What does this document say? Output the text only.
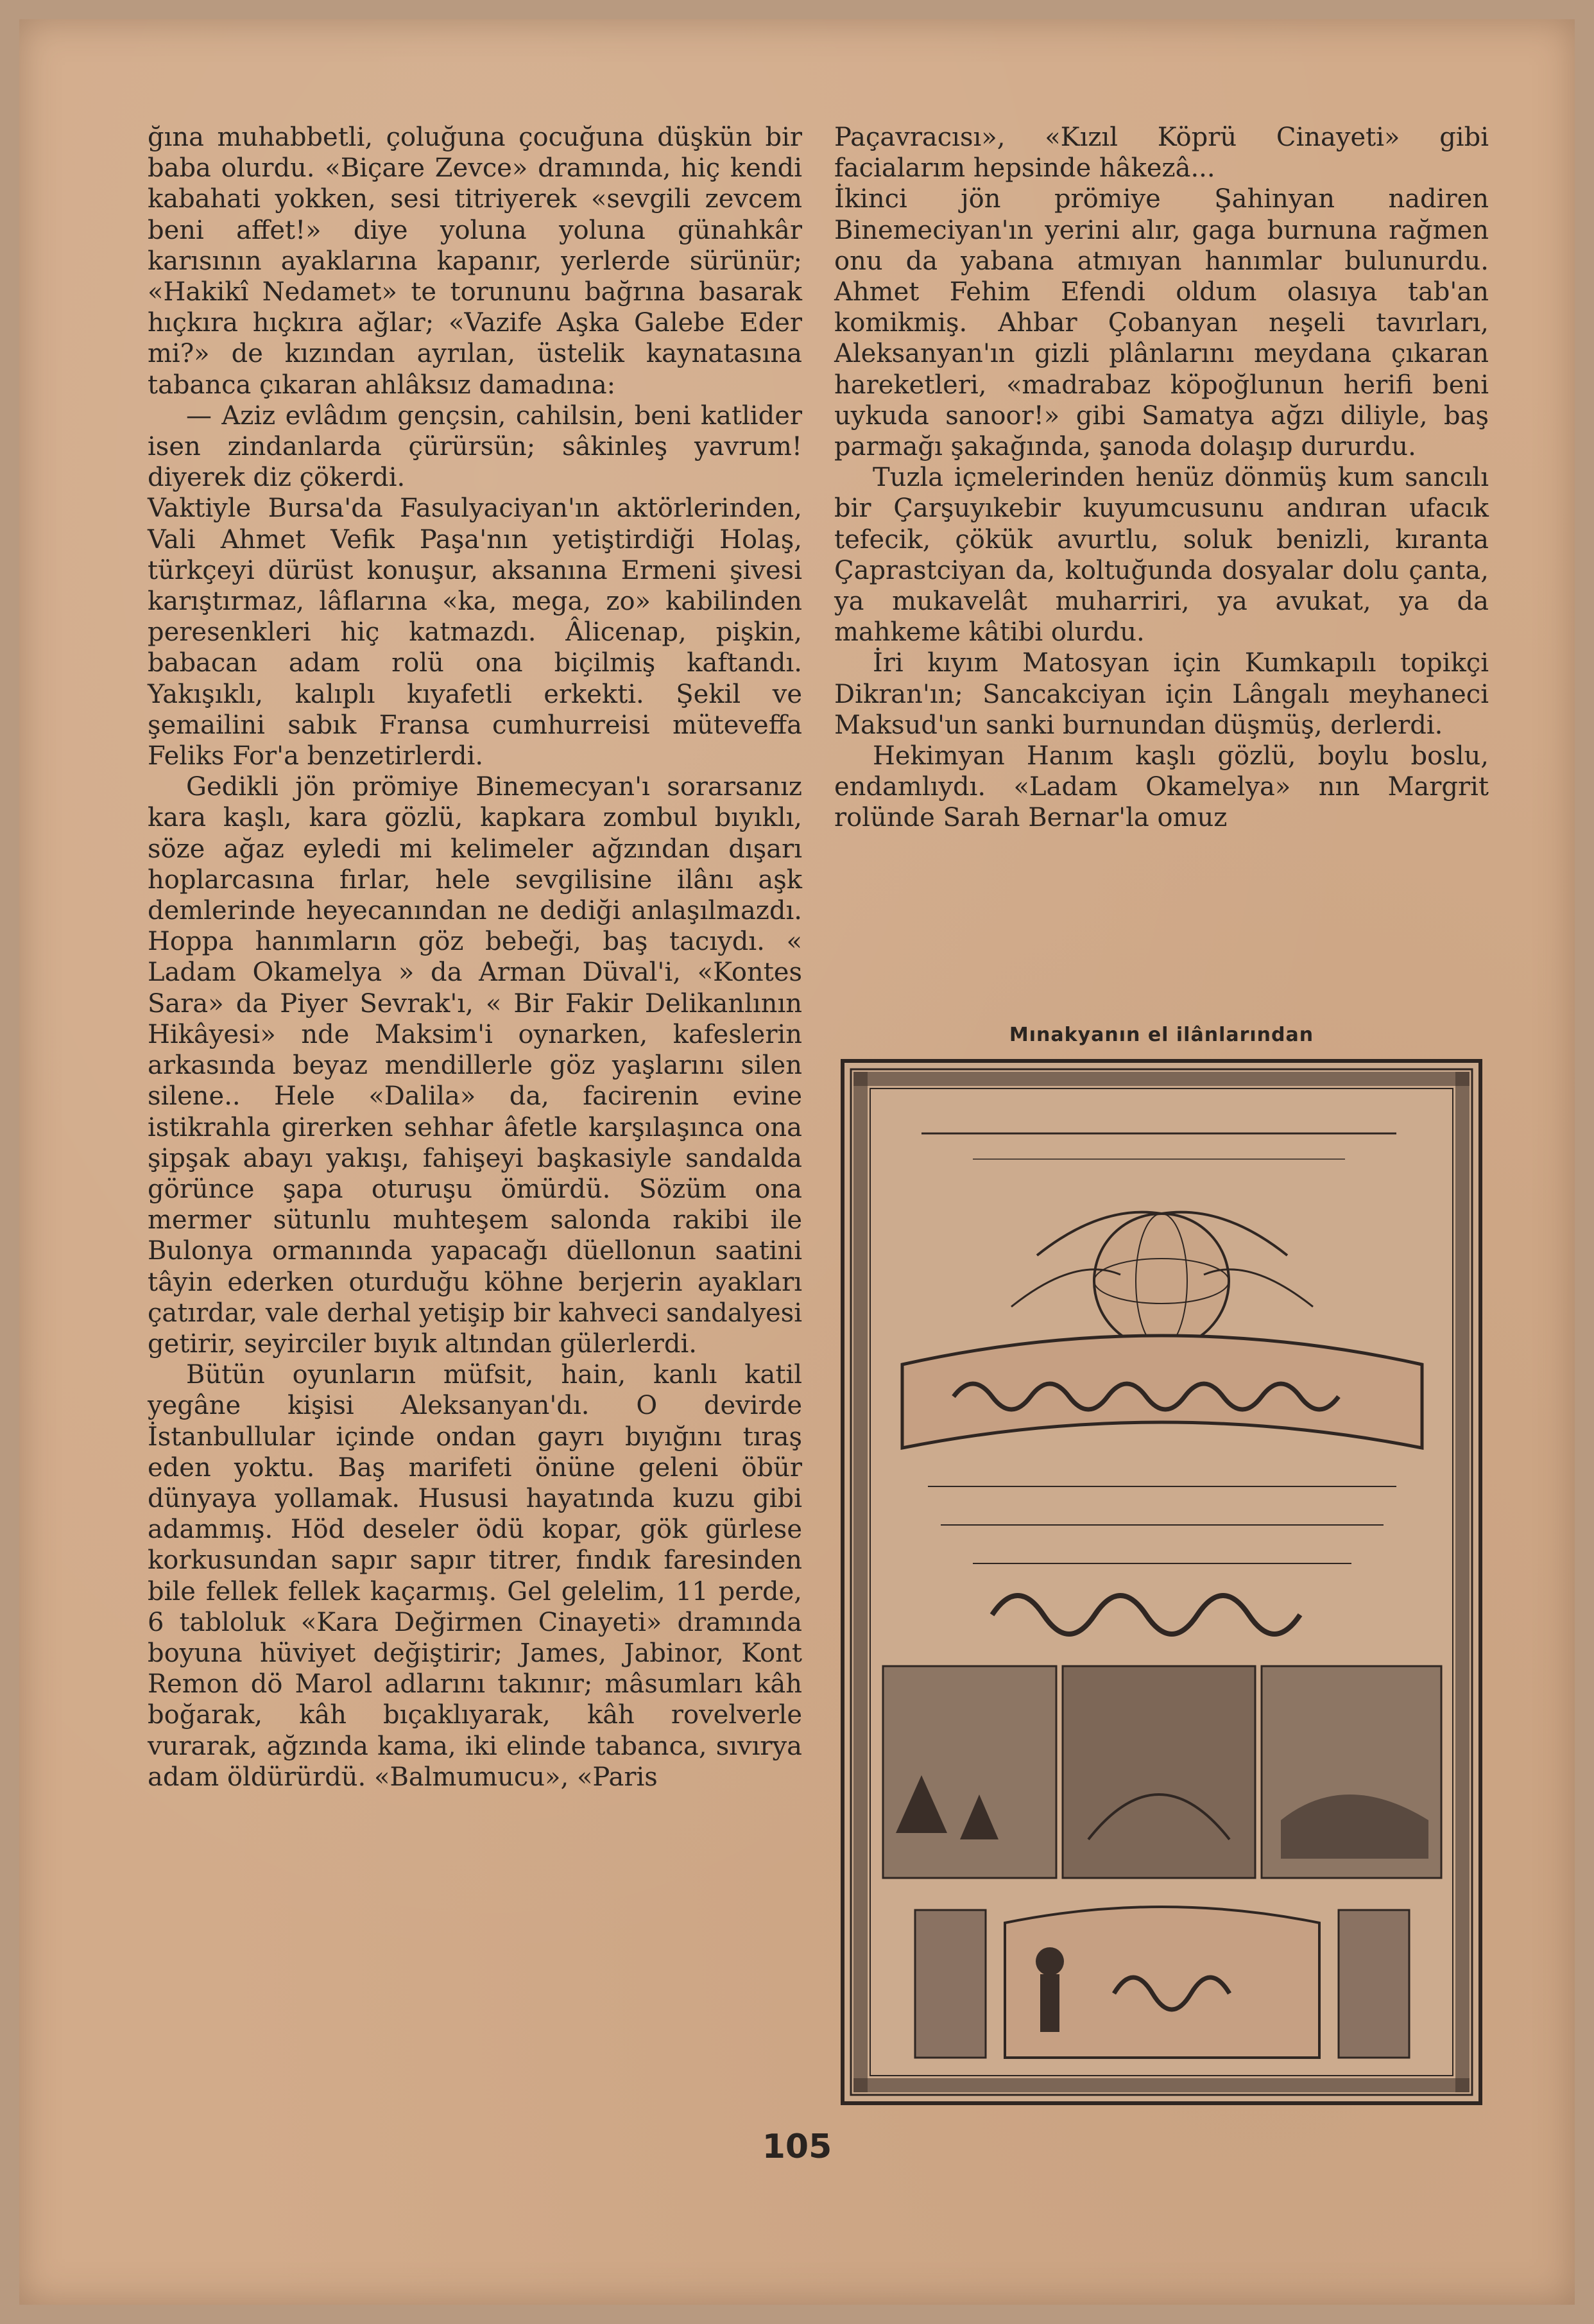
ğına muhabbetli, çoluğuna çocuğuna düşkün bir baba olurdu. «Biçare Zevce» dramında, hiç kendi kabahati yokken, sesi titriyerek «sevgili zevcem beni affet!» diye yoluna yoluna günahkâr karısının ayaklarına kapanır, yerlerde sürünür; «Hakikî Nedamet» te torununu bağrına basarak hıçkıra hıçkıra ağlar; «Vazife Aşka Galebe Eder mi?» de kızından ayrılan, üstelik kaynatasına tabanca çıkaran ahlâksız damadına:

— Aziz evlâdım gençsin, cahilsin, beni katlider isen zindanlarda çürürsün; sâkinleş yavrum! diyerek diz çökerdi.

Vaktiyle Bursa'da Fasulyaciyan'ın aktörlerinden, Vali Ahmet Vefik Paşa'nın yetiştirdiği Holaş, türkçeyi dürüst konuşur, aksanına Ermeni şivesi karıştırmaz, lâflarına «ka, mega, zo» kabilinden peresenkleri hiç katmazdı. Âlicenap, pişkin, babacan adam rolü ona biçilmiş kaftandı. Yakışıklı, kalıplı kıyafetli erkekti. Şekil ve şemailini sabık Fransa cumhurreisi müteveffa Feliks For'a benzetirlerdi.

Gedikli jön prömiye Binemecyan'ı sorarsanız kara kaşlı, kara gözlü, kapkara zombul bıyıklı, söze ağaz eyledi mi kelimeler ağzından dışarı hoplarcasına fırlar, hele sevgilisine ilânı aşk demlerinde heyecanından ne dediği anlaşılmazdı. Hoppa hanımların göz bebeği, baş tacıydı. « Ladam Okamelya » da Arman Düval'i, «Kontes Sara» da Piyer Sevrak'ı, « Bir Fakir Delikanlının Hikâyesi» nde Maksim'i oynarken, kafeslerin arkasında beyaz mendillerle göz yaşlarını silen silene.. Hele «Dalila» da, facirenin evine istikrahla girerken sehhar âfetle karşılaşınca ona şipşak abayı yakışı, fahişeyi başkasiyle sandalda görünce şapa oturuşu ömürdü. Sözüm ona mermer sütunlu muhteşem salonda rakibi ile Bulonya ormanında yapacağı düellonun saatini tâyin ederken oturduğu köhne berjerin ayakları çatırdar, vale derhal yetişip bir kahveci sandalyesi getirir, seyirciler bıyık altından gülerlerdi.

Bütün oyunların müfsit, hain, kanlı katil yegâne kişisi Aleksanyan'dı. O devirde İstanbullular içinde ondan gayrı bıyığını tıraş eden yoktu. Baş marifeti önüne geleni öbür dünyaya yollamak. Hususi hayatında kuzu gibi adammış. Höd deseler ödü kopar, gök gürlese korkusundan sapır sapır titrer, fındık faresinden bile fellek fellek kaçarmış. Gel gelelim, 11 perde, 6 tabloluk «Kara Değirmen Cinayeti» dramında boyuna hüviyet değiştirir; James, Jabinor, Kont Remon dö Marol adlarını takınır; mâsumları kâh boğarak, kâh bıçaklıyarak, kâh rovelverle vurarak, ağzında kama, iki elinde tabanca, sıvırya adam öldürürdü. «Balmumucu», «Paris

Paçavracısı», «Kızıl Köprü Cinayeti» gibi facialarım hepsinde hâkezâ...

İkinci jön prömiye Şahinyan nadiren Binemeciyan'ın yerini alır, gaga burnuna rağmen onu da yabana atmıyan hanımlar bulunurdu. Ahmet Fehim Efendi oldum olasıya tab'an komikmiş. Ahbar Çobanyan neşeli tavırları, Aleksanyan'ın gizli plânlarını meydana çıkaran hareketleri, «madrabaz köpoğlunun herifi beni uykuda sanoor!» gibi Samatya ağzı diliyle, baş parmağı şakağında, şanoda dolaşıp dururdu.

Tuzla içmelerinden henüz dönmüş kum sancılı bir Çarşuyıkebir kuyumcusunu andıran ufacık tefecik, çökük avurtlu, soluk benizli, kıranta Çaprastciyan da, koltuğunda dosyalar dolu çanta, ya mukavelât muharriri, ya avukat, ya da mahkeme kâtibi olurdu.

İri kıyım Matosyan için Kumkapılı topikçi Dikran'ın; Sancakciyan için Lângalı meyhaneci Maksud'un sanki burnundan düşmüş, derlerdi.

Hekimyan Hanım kaşlı gözlü, boylu boslu, endamlıydı. «Ladam Okamelya» nın Margrit rolünde Sarah Bernar'la omuz

Mınakyanın el ilânlarından
105
